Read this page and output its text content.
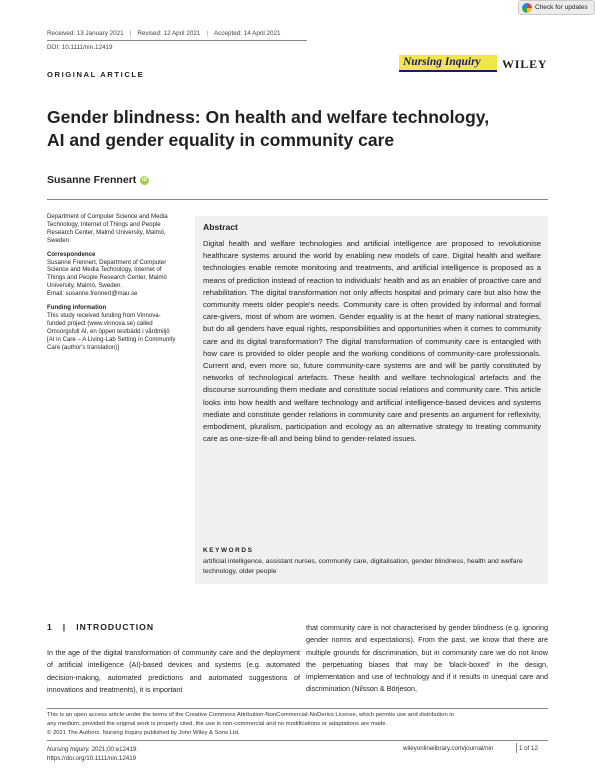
Check for updates
Received: 13 January 2021 | Revised: 12 April 2021 | Accepted: 14 April 2021
DOI: 10.1111/nin.12419
ORIGINAL ARTICLE
Nursing Inquiry	WILEY
Gender blindness: On health and welfare technology,
AI and gender equality in community care
Susanne Frennert	iD
Department of Computer Science and Media Technology, Internet of Things and People Research Center, Malmö University, Malmö, Sweden
Correspondence
Susanne Frennert, Department of Computer Science and Media Technology, Internet of Things and People Research Center, Malmö University, Malmö, Sweden.
Email: susanne.frennert@mau.se
Funding information
This study received funding from Vinnova-funded project (www.vinnova.se) called Omsorgsfull AI, en öppen testbädd i vårdmiljö [AI in Care – A Living-Lab Setting in Community Care (author's translation)]
Abstract
Digital health and welfare technologies and artificial intelligence are proposed to revolutionise healthcare systems around the world by enabling new models of care. Digital health and welfare technologies enable remote monitoring and treatments, and artificial intelligence is proposed as a means of prediction instead of reaction to individuals' health and as an enabler of proactive care and rehabilitation. The digital transformation not only affects hospital and primary care but also how the community meets older people's needs. Community care is often provided by informal and formal care-givers, most of whom are women. Gender equality is at the heart of many national strategies, but do all genders have equal rights, responsibilities and opportunities when it comes to community care and its digital transformation? The digital transformation of community care is entangled with how care is provided to older people and the working conditions of community-care professionals. Current and, even more so, future community-care systems are and will be partly constituted by networks of technological artefacts. These health and welfare technological artefacts and the discourse surrounding them mediate and constitute social relations and community care. This article looks into how health and welfare technology and artificial intelligence-based devices and systems mediate and constitute gender relations in community care and presents an argument for reflexivity, embodiment, pluralism, participation and ecology as an alternative strategy to treating community care as one-size-fit-all and being blind to gender-related issues.
KEYWORDS
artificial intelligence, assistant nurses, community care, digitalisation, gender blindness, health and welfare technology, older people
1 | INTRODUCTION
In the age of the digital transformation of community care and the deployment of artificial intelligence (AI)-based devices and systems (e.g. automated decision-making, automated predictions and automated suggestions of innovations and treatments), it is important
that community care is not characterised by gender blindness (e.g. ignoring gender norms and expectations). From the past, we know that there are multiple grounds for discrimination, but in community care we do not know the perpetuating biases that may be 'black-boxed' in the design, implementation and use of technology and if it results in unequal care and discrimination (Nilsson & Börjeson,
This is an open access article under the terms of the Creative Commons Attribution-NonCommercial-NoDerivs License, which permits use and distribution in
any medium, provided the original work is properly cited, the use is non-commercial and no modifications or adaptations are made.
© 2021 The Authors. Nursing Inquiry published by John Wiley & Sons Ltd.
Nursing Inquiry. 2021;00:e12419.
https://doi.org/10.1111/nin.12419
wileyonlinelibrary.com/journal/nin	1 of 12
